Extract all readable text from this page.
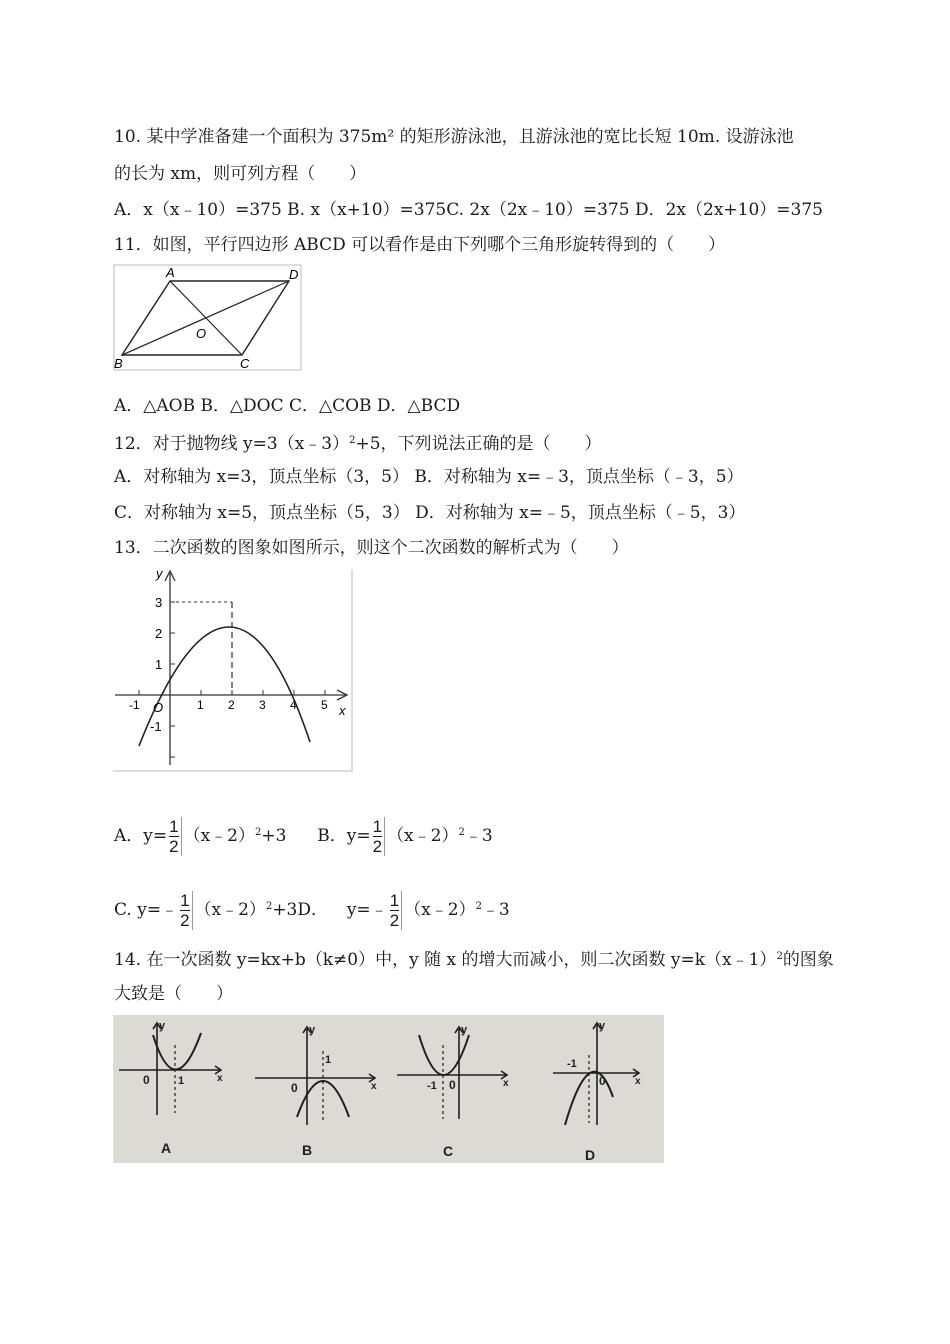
10. 某中学准备建一个面积为 375m² 的矩形游泳池，且游泳池的宽比长短 10m. 设游泳池
的长为 xm，则可列方程（　　）
A．x（x﹣10）=375 B. x（x+10）=375C. 2x（2x﹣10）=375 D．2x（2x+10）=375
11．如图，平行四边形 ABCD 可以看作是由下列哪个三角形旋转得到的（　　）
A	D
B	C
O
A．△AOB B．△DOC C．△COB D．△BCD
12．对于抛物线 y=3（x﹣3）$^2$+5，下列说法正确的是（　　）
A．对称轴为 x=3，顶点坐标（3，5） B．对称轴为 x=﹣3，顶点坐标（﹣3，5）
C．对称轴为 x=5，顶点坐标（5，3） D．对称轴为 x=﹣5，顶点坐标（﹣5，3）
13．二次函数的图象如图所示，则这个二次函数的解析式为（　　）
y
x
O
-1	1 2 3 4 5
3
2
1
-1
A．$y= \frac{1}{2}$ （x﹣2）$^2$+3 B．$y= \frac{1}{2}$ （x﹣2）$^2$﹣3
C. y=﹣ $\frac{1}{2}$ （x﹣2）$^2$+3D． y=﹣ $\frac{1}{2}$ （x﹣2）$^2$﹣3
14. 在一次函数 y=kx+b（k≠0）中，y 随 x 的增大而减小，则二次函数 y=k（x﹣1）$^2$的图象
大致是（　　）
y
x
0	1
A
y
x
0
1
B
y
x
0
-1
C
y
x
0
-1
D
